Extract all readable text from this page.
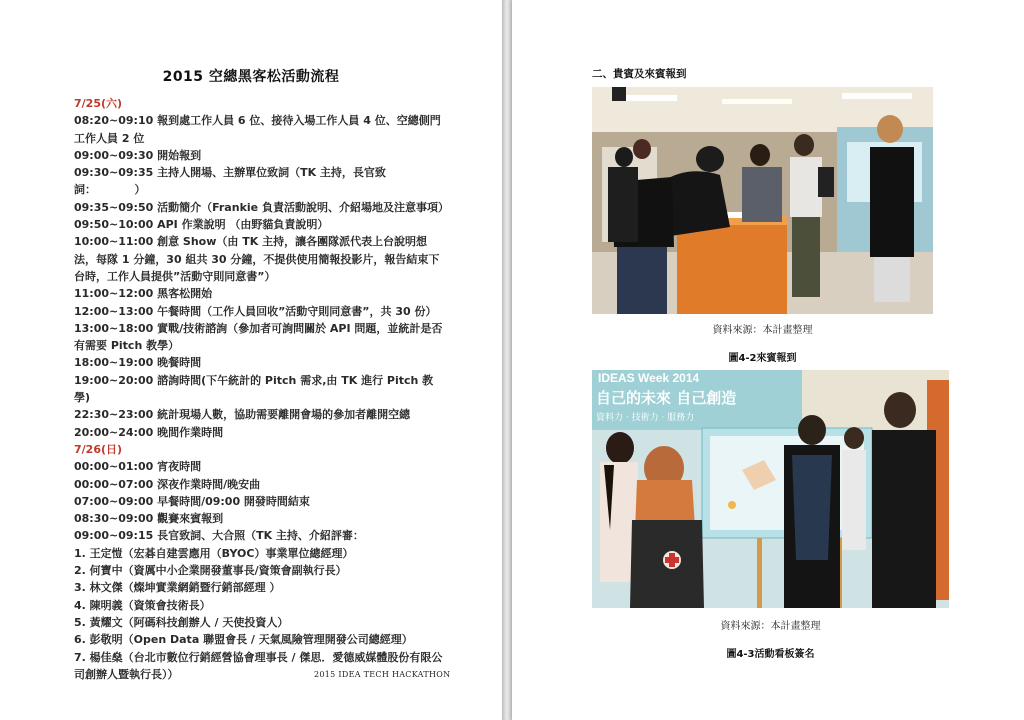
2015 空總黑客松活動流程
7/25(六)
08:20~09:10 報到處工作人員 6 位、接待入場工作人員 4 位、空總側門工作人員 2 位
09:00~09:30 開始報到
09:30~09:35 主持人開場、主辦單位致詞（TK 主持，長官致詞：　　　　）
09:35~09:50 活動簡介（Frankie 負責活動說明、介紹場地及注意事項）
09:50~10:00 API 作業說明 （由野貓負責說明）
10:00~11:00 創意 Show（由 TK 主持，讓各團隊派代表上台說明想法，每隊 1 分鐘，30 組共 30 分鐘，不提供使用簡報投影片，報告結束下台時，工作人員提供”活動守則同意書”）
11:00~12:00 黑客松開始
12:00~13:00 午餐時間（工作人員回收”活動守則同意書”，共 30 份）
13:00~18:00 實戰/技術諮詢（參加者可詢問關於 API 問題，並統計是否有需要 Pitch 教學）
18:00~19:00 晚餐時間
19:00~20:00 諮詢時間(下午統計的 Pitch 需求,由 TK 進行 Pitch 教學)
22:30~23:00 統計現場人數，協助需要離開會場的參加者離開空總
20:00~24:00 晚間作業時間
7/26(日)
00:00~01:00 宵夜時間
00:00~07:00 深夜作業時間/晚安曲
07:00~09:00 早餐時間/09:00 開發時間結束
08:30~09:00 觀賽來賓報到
09:00~09:15 長官致詞、大合照（TK 主持、介紹評審：
1. 王定愷（宏碁自建雲應用（BYOC）事業單位總經理）
2. 何寶中（資厲中小企業開發董事長/資策會副執行長）
3. 林文傑（燦坤實業網銷暨行銷部經理 ）
4. 陳明義（資策會技術長）
5. 黃耀文（阿碼科技創辦人 / 天使投資人）
6. 彭敬明（Open Data 聯盟會長 / 天氣風險管理開發公司總經理）
7. 楊佳燊（台北市數位行銷經營協會理事長 / 傑思．愛德威媒體股份有限公司創辦人暨執行長））	2015 IDEA TECH HACKATHON
二、貴賓及來賓報到
資料來源：本計畫整理
圖4-2來賓報到
IDEAS Week 2014
自己的未來 自己創造
資料力 · 技術力 · 服務力
資料來源：本計畫整理
圖4-3活動看板簽名
